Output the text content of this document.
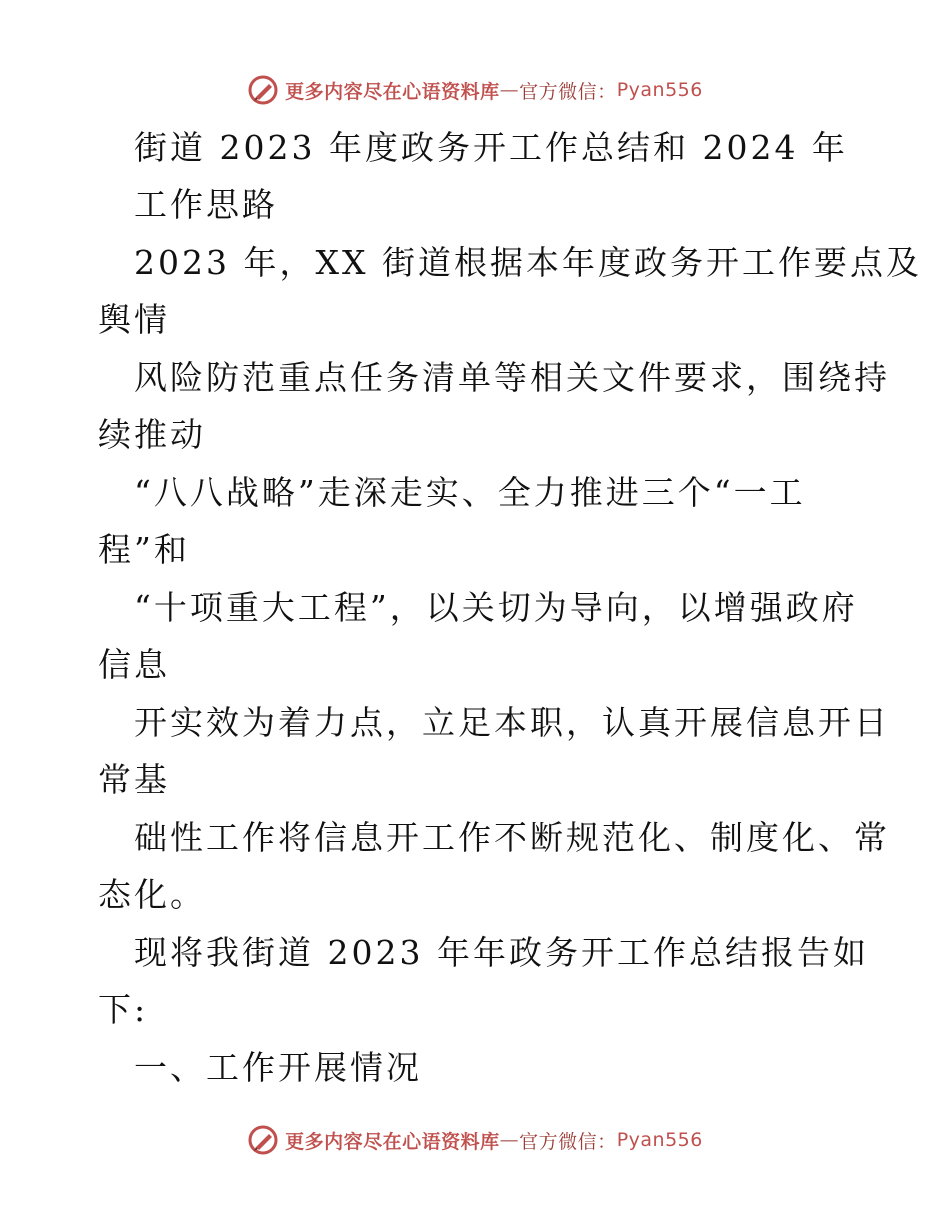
更多内容尽在心语资料库 — 官方微信： Pyan556
街道 2023 年度政务开工作总结和 2024 年
工作思路
2023 年，XX 街道根据本年度政务开工作要点及
舆情
风险防范重点任务清单等相关文件要求，围绕持
续推动
“八八战略”走深走实、全力推进三个“一工
程”和
“十项重大工程”，以关切为导向，以增强政府
信息
开实效为着力点，立足本职，认真开展信息开日
常基
础性工作将信息开工作不断规范化、制度化、常
态化。
现将我街道 2023 年年政务开工作总结报告如
下:
一、工作开展情况
更多内容尽在心语资料库 — 官方微信： Pyan556
